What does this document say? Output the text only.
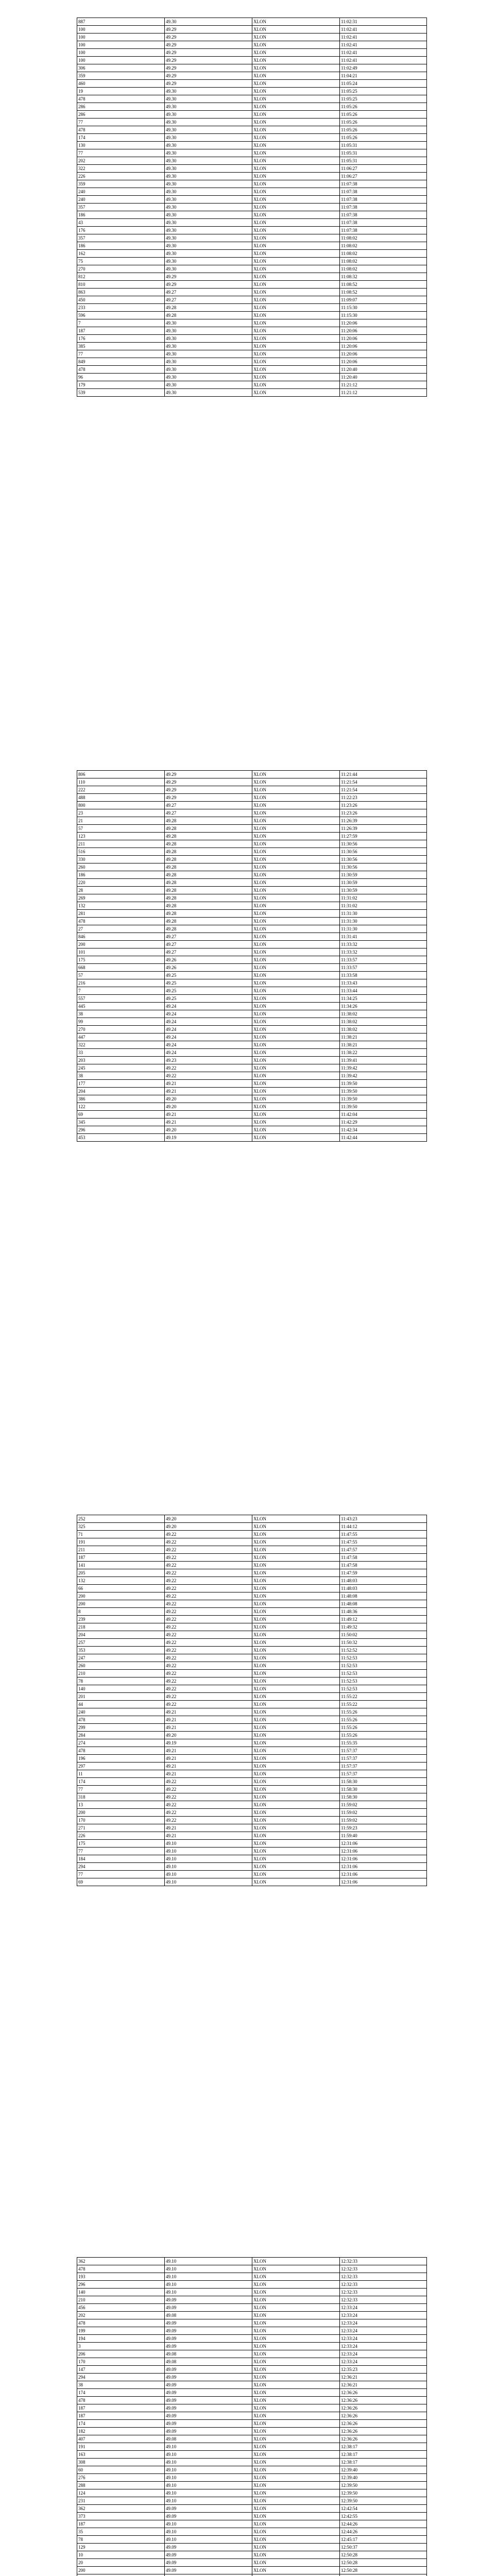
887	49.30	XLON	11:02:31
100	49.29	XLON	11:02:41
100	49.29	XLON	11:02:41
100	49.29	XLON	11:02:41
100	49.29	XLON	11:02:41
100	49.29	XLON	11:02:41
306	49.29	XLON	11:02:49
359	49.29	XLON	11:04:21
460	49.29	XLON	11:05:24
19	49.30	XLON	11:05:25
478	49.30	XLON	11:05:25
286	49.30	XLON	11:05:26
286	49.30	XLON	11:05:26
77	49.30	XLON	11:05:26
478	49.30	XLON	11:05:26
174	49.30	XLON	11:05:26
130	49.30	XLON	11:05:31
77	49.30	XLON	11:05:31
202	49.30	XLON	11:05:31
322	49.30	XLON	11:06:27
226	49.30	XLON	11:06:27
359	49.30	XLON	11:07:38
240	49.30	XLON	11:07:38
240	49.30	XLON	11:07:38
357	49.30	XLON	11:07:38
186	49.30	XLON	11:07:38
43	49.30	XLON	11:07:38
176	49.30	XLON	11:07:38
357	49.30	XLON	11:08:02
186	49.30	XLON	11:08:02
162	49.30	XLON	11:08:02
75	49.30	XLON	11:08:02
270	49.30	XLON	11:08:02
812	49.29	XLON	11:08:32
810	49.29	XLON	11:08:52
863	49.27	XLON	11:08:52
450	49.27	XLON	11:09:07
233	49.28	XLON	11:15:30
596	49.28	XLON	11:15:30
7	49.30	XLON	11:20:06
187	49.30	XLON	11:20:06
176	49.30	XLON	11:20:06
385	49.30	XLON	11:20:06
77	49.30	XLON	11:20:06
849	49.30	XLON	11:20:06
478	49.30	XLON	11:20:40
96	49.30	XLON	11:20:40
179	49.30	XLON	11:21:12
539	49.30	XLON	11:21:12
806	49.29	XLON	11:21:44
110	49.29	XLON	11:21:54
222	49.29	XLON	11:21:54
488	49.29	XLON	11:22:23
800	49.27	XLON	11:23:26
23	49.27	XLON	11:23:26
21	49.28	XLON	11:26:39
57	49.28	XLON	11:26:39
123	49.28	XLON	11:27:59
211	49.28	XLON	11:30:56
516	49.28	XLON	11:30:56
330	49.28	XLON	11:30:56
260	49.28	XLON	11:30:56
186	49.28	XLON	11:30:59
220	49.28	XLON	11:30:59
28	49.28	XLON	11:30:59
269	49.28	XLON	11:31:02
132	49.28	XLON	11:31:02
281	49.28	XLON	11:31:30
478	49.28	XLON	11:31:30
27	49.28	XLON	11:31:30
846	49.27	XLON	11:31:41
200	49.27	XLON	11:33:32
101	49.27	XLON	11:33:32
175	49.26	XLON	11:33:57
668	49.26	XLON	11:33:57
57	49.25	XLON	11:33:58
216	49.25	XLON	11:33:43
7	49.25	XLON	11:33:44
557	49.25	XLON	11:34:25
445	49.24	XLON	11:34:26
38	49.24	XLON	11:38:02
99	49.24	XLON	11:38:02
270	49.24	XLON	11:38:02
447	49.24	XLON	11:38:21
322	49.24	XLON	11:38:21
33	49.24	XLON	11:38:22
203	49.23	XLON	11:39:41
245	49.22	XLON	11:39:42
38	49.22	XLON	11:39:42
177	49.21	XLON	11:39:50
204	49.21	XLON	11:39:50
386	49.20	XLON	11:39:50
122	49.20	XLON	11:39:50
69	49.21	XLON	11:42:04
345	49.21	XLON	11:42:29
296	49.20	XLON	11:42:34
453	49.19	XLON	11:42:44
252	49.20	XLON	11:43:23
325	49.20	XLON	11:44:12
71	49.22	XLON	11:47:55
191	49.22	XLON	11:47:55
211	49.22	XLON	11:47:57
187	49.22	XLON	11:47:58
141	49.22	XLON	11:47:58
205	49.22	XLON	11:47:59
132	49.22	XLON	11:48:03
66	49.22	XLON	11:48:03
200	49.22	XLON	11:48:08
200	49.22	XLON	11:48:08
8	49.22	XLON	11:48:36
239	49.22	XLON	11:49:12
218	49.22	XLON	11:49:32
204	49.22	XLON	11:50:02
257	49.22	XLON	11:50:32
353	49.22	XLON	11:52:52
247	49.22	XLON	11:52:53
260	49.22	XLON	11:52:53
210	49.22	XLON	11:52:53
78	49.22	XLON	11:52:53
140	49.22	XLON	11:52:53
201	49.22	XLON	11:55:22
44	49.22	XLON	11:55:22
240	49.21	XLON	11:55:26
478	49.21	XLON	11:55:26
299	49.21	XLON	11:55:26
284	49.20	XLON	11:55:26
274	49.19	XLON	11:55:35
478	49.21	XLON	11:57:37
196	49.21	XLON	11:57:37
297	49.21	XLON	11:57:37
11	49.21	XLON	11:57:37
174	49.22	XLON	11:58:30
77	49.22	XLON	11:58:30
318	49.22	XLON	11:58:30
13	49.22	XLON	11:59:02
200	49.22	XLON	11:59:02
170	49.22	XLON	11:59:02
271	49.21	XLON	11:59:23
226	49.21	XLON	11:59:40
175	49.10	XLON	12:31:06
77	49.10	XLON	12:31:06
184	49.10	XLON	12:31:06
294	49.10	XLON	12:31:06
77	49.10	XLON	12:31:06
69	49.10	XLON	12:31:06
362	49.10	XLON	12:32:33
478	49.10	XLON	12:32:33
193	49.10	XLON	12:32:33
296	49.10	XLON	12:32:33
140	49.10	XLON	12:32:33
210	49.09	XLON	12:32:33
456	49.09	XLON	12:33:24
202	49.08	XLON	12:33:24
478	49.09	XLON	12:33:24
199	49.09	XLON	12:33:24
194	49.09	XLON	12:33:24
3	49.09	XLON	12:33:24
206	49.08	XLON	12:33:24
170	49.08	XLON	12:33:24
147	49.09	XLON	12:35:23
294	49.09	XLON	12:36:21
38	49.09	XLON	12:36:21
174	49.09	XLON	12:36:26
478	49.09	XLON	12:36:26
187	49.09	XLON	12:36:26
187	49.09	XLON	12:36:26
174	49.09	XLON	12:36:26
182	49.09	XLON	12:36:26
407	49.08	XLON	12:36:26
191	49.10	XLON	12:38:17
163	49.10	XLON	12:38:17
308	49.10	XLON	12:38:17
60	49.10	XLON	12:39:40
276	49.10	XLON	12:39:40
288	49.10	XLON	12:39:50
124	49.10	XLON	12:39:50
231	49.10	XLON	12:39:50
362	49.09	XLON	12:42:54
373	49.09	XLON	12:42:55
187	49.10	XLON	12:44:26
35	49.10	XLON	12:44:26
78	49.10	XLON	12:45:17
129	49.09	XLON	12:50:37
10	49.09	XLON	12:50:28
20	49.09	XLON	12:50:28
200	49.09	XLON	12:50:28
